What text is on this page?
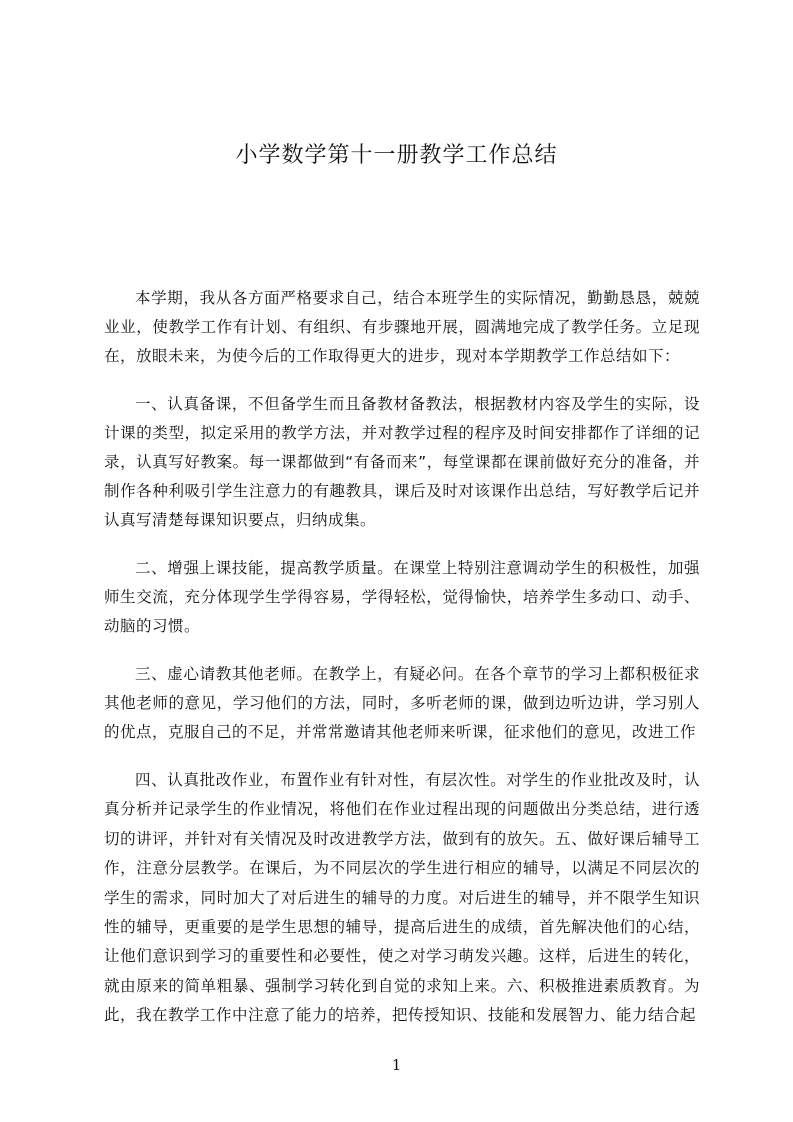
小学数学第十一册教学工作总结

本学期，我从各方面严格要求自己，结合本班学生的实际情况，勤勤恳恳，兢兢业业，使教学工作有计划、有组织、有步骤地开展，圆满地完成了教学任务。立足现在，放眼未来，为使今后的工作取得更大的进步，现对本学期教学工作总结如下：

一、认真备课，不但备学生而且备教材备教法，根据教材内容及学生的实际，设计课的类型，拟定采用的教学方法，并对教学过程的程序及时间安排都作了详细的记录，认真写好教案。每一课都做到“有备而来”，每堂课都在课前做好充分的准备，并制作各种利吸引学生注意力的有趣教具，课后及时对该课作出总结，写好教学后记并认真写清楚每课知识要点，归纳成集。

二、增强上课技能，提高教学质量。在课堂上特别注意调动学生的积极性，加强师生交流，充分体现学生学得容易，学得轻松，觉得愉快，培养学生多动口、动手、动脑的习惯。

三、虚心请教其他老师。在教学上，有疑必问。在各个章节的学习上都积极征求其他老师的意见，学习他们的方法，同时，多听老师的课，做到边听边讲，学习别人的优点，克服自己的不足，并常常邀请其他老师来听课，征求他们的意见，改进工作

四、认真批改作业，布置作业有针对性，有层次性。对学生的作业批改及时，认真分析并记录学生的作业情况，将他们在作业过程出现的问题做出分类总结，进行透切的讲评，并针对有关情况及时改进教学方法，做到有的放矢。五、做好课后辅导工作，注意分层教学。在课后，为不同层次的学生进行相应的辅导，以满足不同层次的学生的需求，同时加大了对后进生的辅导的力度。对后进生的辅导，并不限学生知识性的辅导，更重要的是学生思想的辅导，提高后进生的成绩，首先解决他们的心结，让他们意识到学习的重要性和必要性，使之对学习萌发兴趣。这样，后进生的转化，就由原来的简单粗暴、强制学习转化到自觉的求知上来。六、积极推进素质教育。为此，我在教学工作中注意了能力的培养，把传授知识、技能和发展智力、能力结合起

1
